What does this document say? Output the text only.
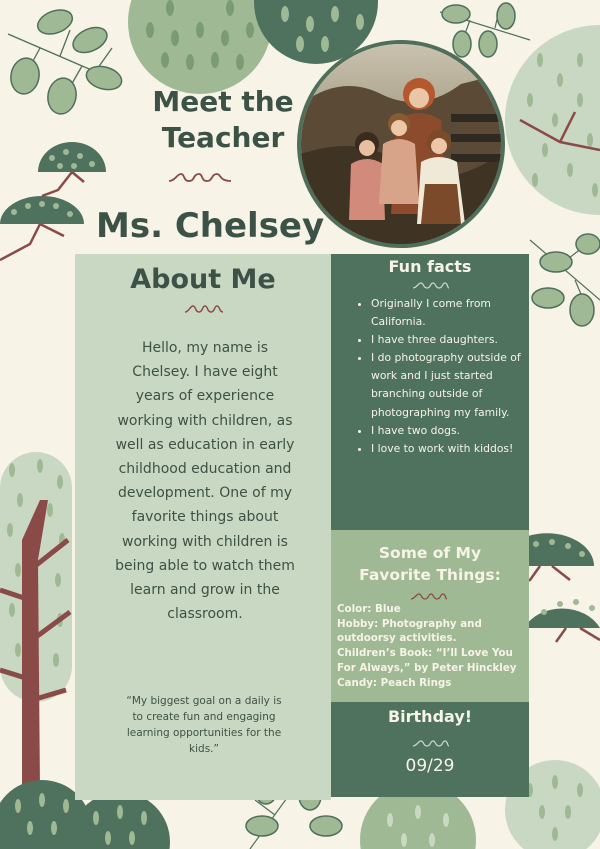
Meet the
Teacher
Ms. Chelsey
About Me
Hello, my name is Chelsey. I have eight years of experience working with children, as well as education in early childhood education and development. One of my favorite things about working with children is being able to watch them learn and grow in the classroom.
“My biggest goal on a daily is to create fun and engaging learning opportunities for the kids.”
Fun facts
• Originally I come from California.
• I have three daughters.
• I do photography outside of work and I just started branching outside of photographing my family.
• I have two dogs.
• I love to work with kiddos!
Some of My
Favorite Things:
Color: Blue
Hobby: Photography and outdoorsy activities.
Children’s Book: “I’ll Love You For Always,” by Peter Hinckley
Candy: Peach Rings
Birthday!
09/29
